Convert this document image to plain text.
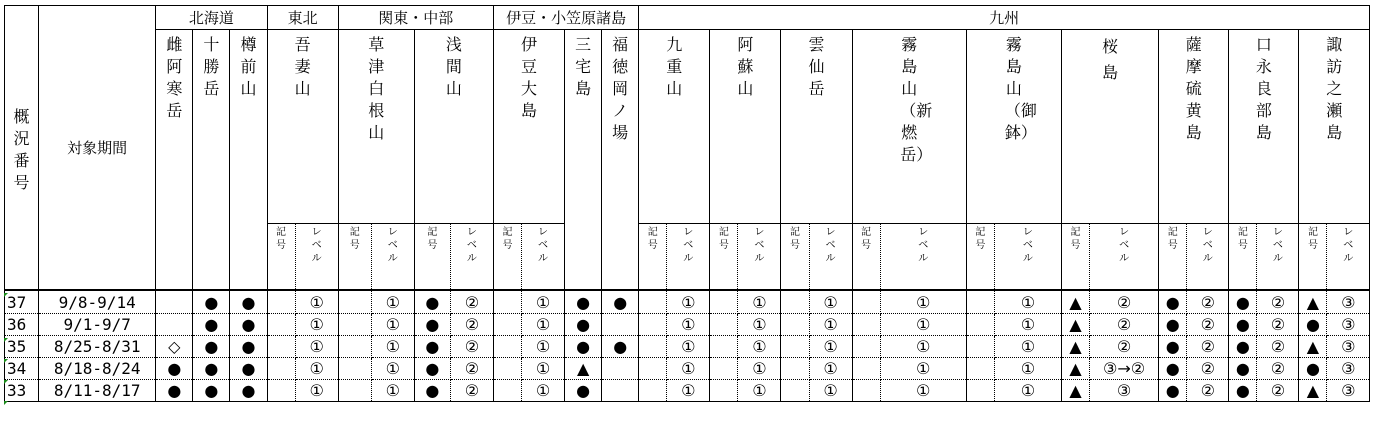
概況番号	対象期間	北海道			東北		関東・中部				伊豆・小笠原諸島				九州																	
		雌阿寒岳	十勝岳	樽前山	吾妻山		草津白根山		浅間山		伊豆大島		三宅島	福徳岡ノ場	九重山		阿蘇山		雲仙岳		霧島山（新燃岳）		霧島山（御鉢）		桜島		薩摩硫黄島		口永良部島		諏訪之瀬島	
					記号	レベル	記号	レベル	記号	レベル	記号	レベル			記号	レベル	記号	レベル	記号	レベル	記号	レベル	記号	レベル	記号	レベル	記号	レベル	記号	レベル	記号	レベル
37	9/8-9/14		●	●		①		①	●	②		①	●	●		①		①		①		①		①	▲	②	●	②	●	②	▲	③
36	9/1-9/7		●	●		①		①	●	②		①	●			①		①		①		①		①	▲	②	●	②	●	②	●	③
35	8/25-8/31	◇	●	●		①		①	●	②		①	●	●		①		①		①		①		①	▲	②	●	②	●	②	▲	③
34	8/18-8/24	●	●	●		①		①	●	②		①	▲			①		①		①		①		①	▲	③→②	●	②	●	②	●	③
33	8/11-8/17	●	●	●		①		①	●	②		①	●			①		①		①		①		①	▲	③	●	②	●	②	▲	③
